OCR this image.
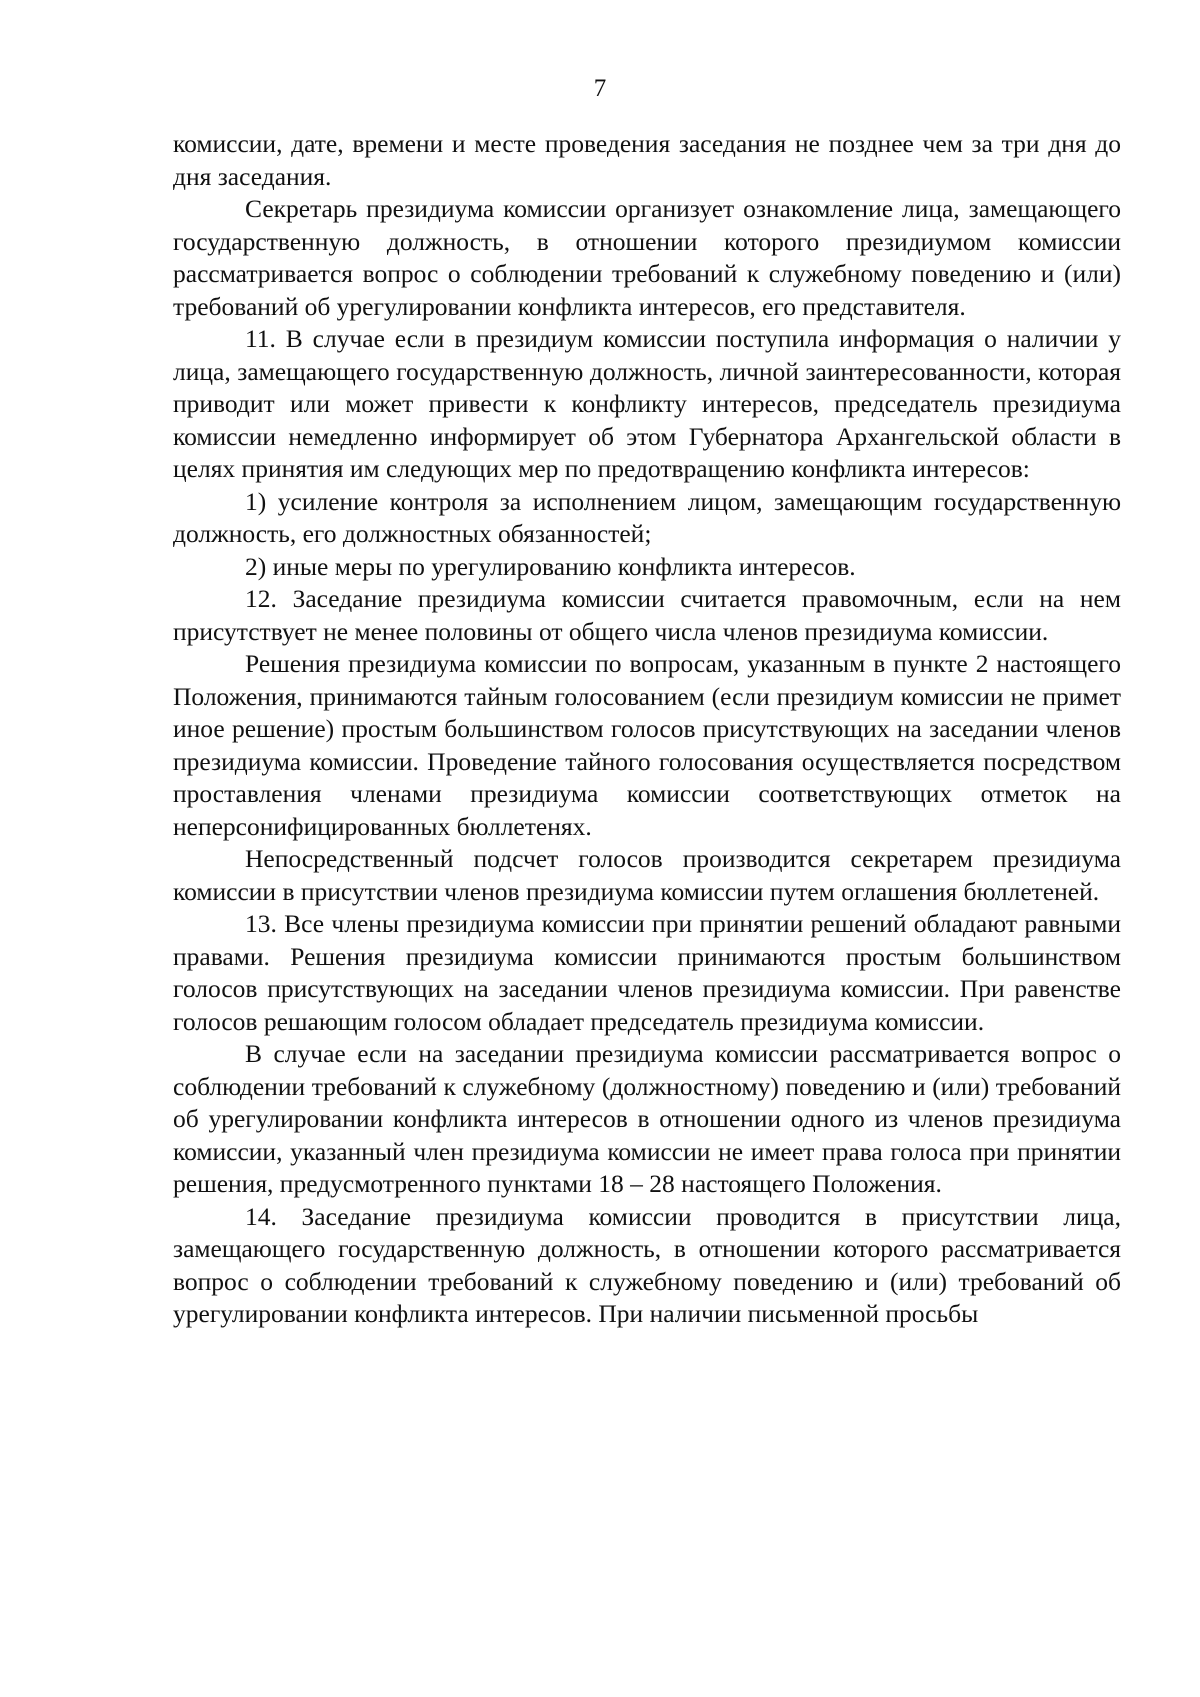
7

комиссии, дате, времени и месте проведения заседания не позднее чем за три дня до дня заседания.

Секретарь президиума комиссии организует ознакомление лица, замещающего государственную должность, в отношении которого президиумом комиссии рассматривается вопрос о соблюдении требований к служебному поведению и (или) требований об урегулировании конфликта интересов, его представителя.

11. В случае если в президиум комиссии поступила информация о наличии у лица, замещающего государственную должность, личной заинтересованности, которая приводит или может привести к конфликту интересов, председатель президиума комиссии немедленно информирует об этом Губернатора Архангельской области в целях принятия им следующих мер по предотвращению конфликта интересов:

1) усиление контроля за исполнением лицом, замещающим государственную должность, его должностных обязанностей;

2) иные меры по урегулированию конфликта интересов.

12. Заседание президиума комиссии считается правомочным, если на нем присутствует не менее половины от общего числа членов президиума комиссии.

Решения президиума комиссии по вопросам, указанным в пункте 2 настоящего Положения, принимаются тайным голосованием (если президиум комиссии не примет иное решение) простым большинством голосов присутствующих на заседании членов президиума комиссии. Проведение тайного голосования осуществляется посредством проставления членами президиума комиссии соответствующих отметок на неперсонифицированных бюллетенях.

Непосредственный подсчет голосов производится секретарем президиума комиссии в присутствии членов президиума комиссии путем оглашения бюллетеней.

13. Все члены президиума комиссии при принятии решений обладают равными правами. Решения президиума комиссии принимаются простым большинством голосов присутствующих на заседании членов президиума комиссии. При равенстве голосов решающим голосом обладает председатель президиума комиссии.

В случае если на заседании президиума комиссии рассматривается вопрос о соблюдении требований к служебному (должностному) поведению и (или) требований об урегулировании конфликта интересов в отношении одного из членов президиума комиссии, указанный член президиума комиссии не имеет права голоса при принятии решения, предусмотренного пунктами 18 – 28 настоящего Положения.

14. Заседание президиума комиссии проводится в присутствии лица, замещающего государственную должность, в отношении которого рассматривается вопрос о соблюдении требований к служебному поведению и (или) требований об урегулировании конфликта интересов. При наличии письменной просьбы
